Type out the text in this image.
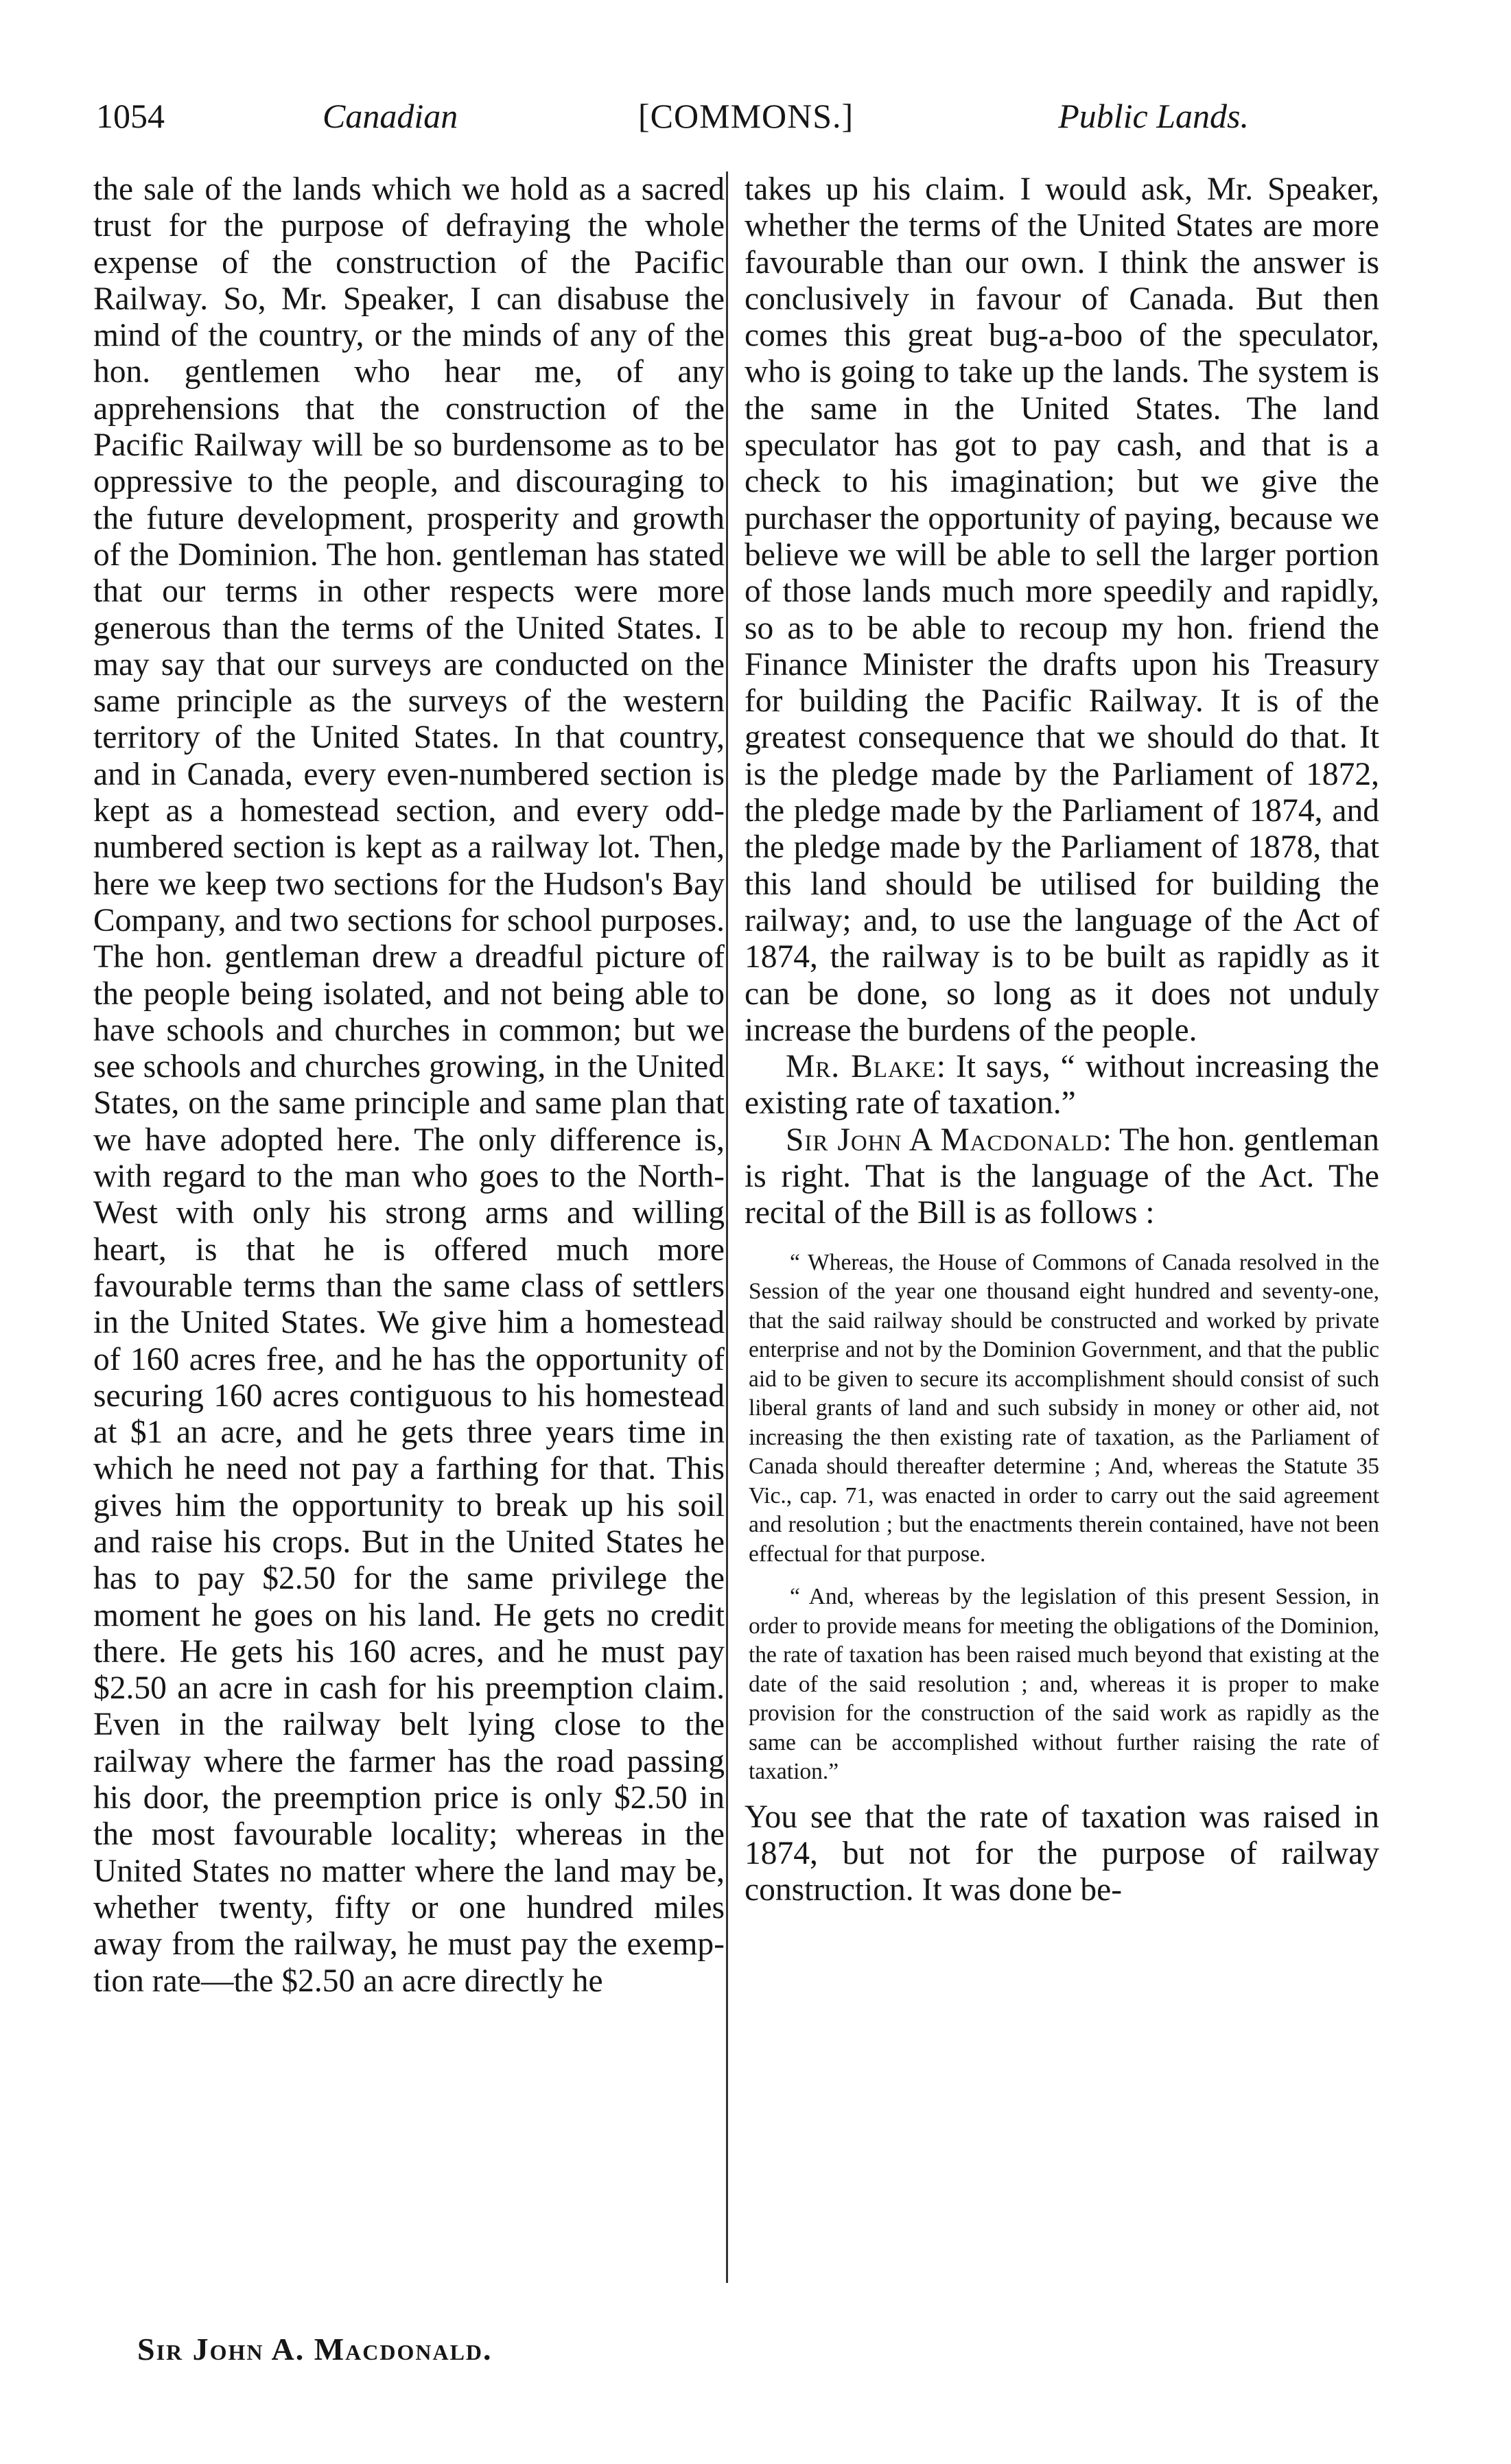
1054	Canadian	[COMMONS.]	Public Lands.

the sale of the lands which we hold as a sacred trust for the purpose of defraying the whole expense of the construction of the Pacific Railway. So, Mr. Speaker, I can disabuse the mind of the country, or the minds of any of the hon. gentlemen who hear me, of any apprehensions that the construction of the Pacific Railway will be so burdensome as to be oppressive to the people, and discouraging to the future development, prosperity and growth of the Dominion. The hon. gentleman has stated that our terms in other respects were more generous than the terms of the United States. I may say that our surveys are conducted on the same principle as the surveys of the western territory of the United States. In that country, and in Canada, every even-numbered section is kept as a homestead section, and every odd-numbered section is kept as a railway lot. Then, here we keep two sections for the Hudson's Bay Company, and two sections for school purposes. The hon. gentleman drew a dreadful picture of the people being isolated, and not being able to have schools and churches in common; but we see schools and churches growing, in the United States, on the same principle and same plan that we have adopted here. The only difference is, with regard to the man who goes to the North-West with only his strong arms and willing heart, is that he is offered much more favourable terms than the same class of settlers in the United States. We give him a homestead of 160 acres free, and he has the opportunity of securing 160 acres contiguous to his homestead at $1 an acre, and he gets three years time in which he need not pay a farthing for that. This gives him the opportunity to break up his soil and raise his crops. But in the United States he has to pay $2.50 for the same privilege the moment he goes on his land. He gets no credit there. He gets his 160 acres, and he must pay $2.50 an acre in cash for his preemption claim. Even in the railway belt lying close to the railway where the farmer has the road passing his door, the preemption price is only $2.50 in the most favourable locality; whereas in the United States no matter where the land may be, whether twenty, fifty or one hundred miles away from the railway, he must pay the exemption rate—the $2.50 an acre directly he

takes up his claim. I would ask, Mr. Speaker, whether the terms of the United States are more favourable than our own. I think the answer is conclusively in favour of Canada. But then comes this great bug-a-boo of the speculator, who is going to take up the lands. The system is the same in the United States. The land speculator has got to pay cash, and that is a check to his imagination; but we give the purchaser the opportunity of paying, because we believe we will be able to sell the larger portion of those lands much more speedily and rapidly, so as to be able to recoup my hon. friend the Finance Minister the drafts upon his Treasury for building the Pacific Railway. It is of the greatest consequence that we should do that. It is the pledge made by the Parliament of 1872, the pledge made by the Parliament of 1874, and the pledge made by the Parliament of 1878, that this land should be utilised for building the railway; and, to use the language of the Act of 1874, the railway is to be built as rapidly as it can be done, so long as it does not unduly increase the burdens of the people.

Mr. Blake: It says, “ without increasing the existing rate of taxation.”

Sir John A Macdonald: The hon. gentleman is right. That is the language of the Act. The recital of the Bill is as follows :

“ Whereas, the House of Commons of Canada resolved in the Session of the year one thousand eight hundred and seventy-one, that the said railway should be constructed and worked by private enterprise and not by the Dominion Government, and that the public aid to be given to secure its accomplishment should consist of such liberal grants of land and such subsidy in money or other aid, not increasing the then existing rate of taxation, as the Parliament of Canada should thereafter determine ; And, whereas the Statute 35 Vic., cap. 71, was enacted in order to carry out the said agreement and resolution ; but the enactments therein contained, have not been effectual for that purpose.

“ And, whereas by the legislation of this present Session, in order to provide means for meeting the obligations of the Dominion, the rate of taxation has been raised much beyond that existing at the date of the said resolution ; and, whereas it is proper to make provision for the construction of the said work as rapidly as the same can be accomplished without further raising the rate of taxation.”

You see that the rate of taxation was raised in 1874, but not for the purpose of railway construction. It was done be-

Sir John A. Macdonald.
